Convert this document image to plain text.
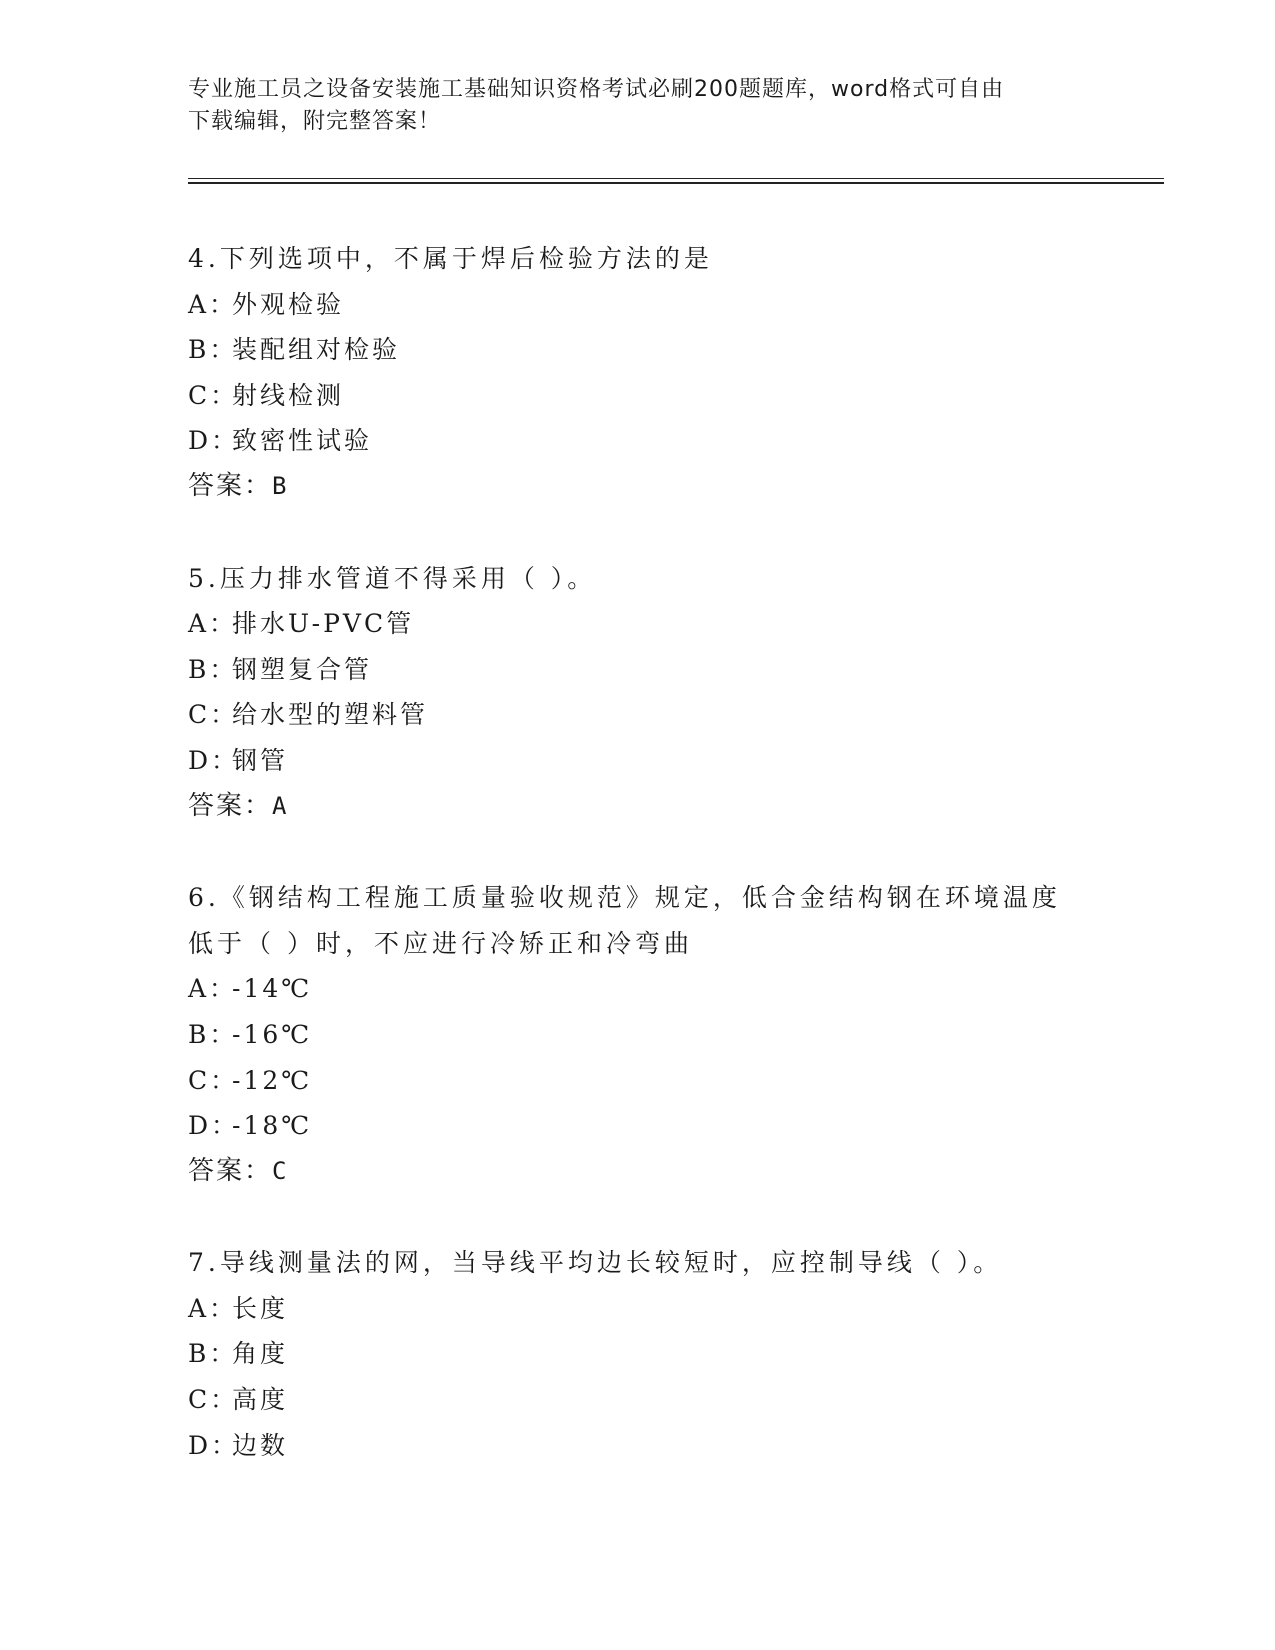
专业施工员之设备安装施工基础知识资格考试必刷200题题库，word格式可自由
下载编辑，附完整答案！
4.下列选项中，不属于焊后检验方法的是
A：
外观检验
B：
装配组对检验
C：
射线检测
D：
致密性试验
答案： B
5.压力排水管道不得采用（ ）。
A：
排水U-PVC管
B：
钢塑复合管
C：
给水型的塑料管
D：
钢管
答案： A
6.《钢结构工程施工质量验收规范》规定，低合金结构钢在环境温度
低于（ ）时，不应进行冷矫正和冷弯曲
A：
-14℃
B：
-16℃
C：
-12℃
D：
-18℃
答案： C
7.导线测量法的网，当导线平均边长较短时，应控制导线（ ）。
A：
长度
B：
角度
C：
高度
D：
边数
